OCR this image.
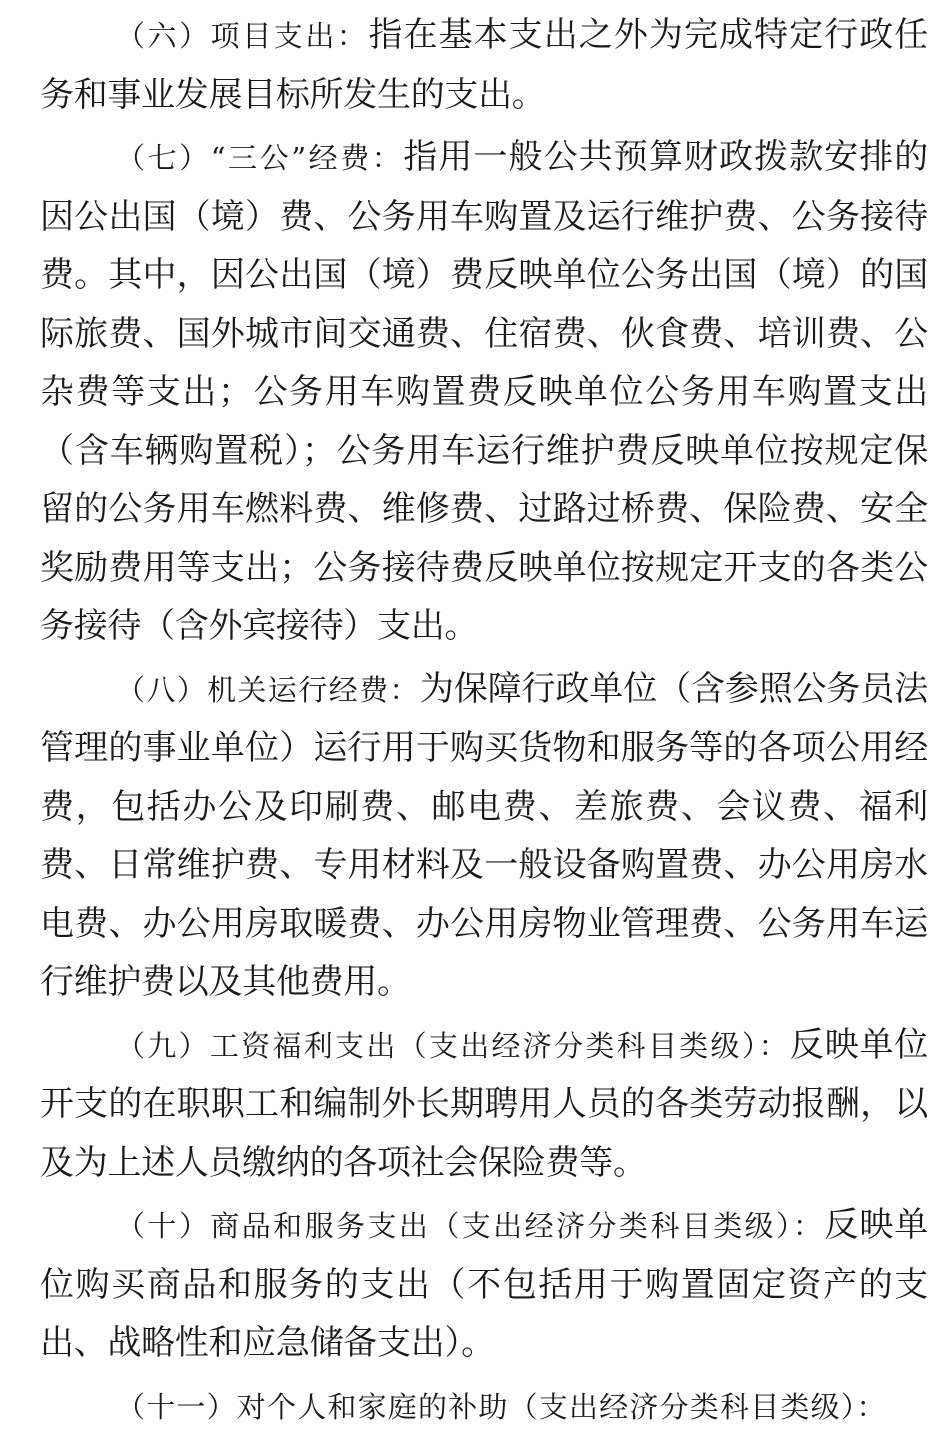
（六）项目支出：指在基本支出之外为完成特定行政任务和事业发展目标所发生的支出。

（七）“三公”经费：指用一般公共预算财政拨款安排的因公出国（境）费、公务用车购置及运行维护费、公务接待费。其中，因公出国（境）费反映单位公务出国（境）的国际旅费、国外城市间交通费、住宿费、伙食费、培训费、公杂费等支出；公务用车购置费反映单位公务用车购置支出（含车辆购置税）；公务用车运行维护费反映单位按规定保留的公务用车燃料费、维修费、过路过桥费、保险费、安全奖励费用等支出；公务接待费反映单位按规定开支的各类公务接待（含外宾接待）支出。

（八）机关运行经费：为保障行政单位（含参照公务员法管理的事业单位）运行用于购买货物和服务等的各项公用经费，包括办公及印刷费、邮电费、差旅费、会议费、福利费、日常维护费、专用材料及一般设备购置费、办公用房水电费、办公用房取暖费、办公用房物业管理费、公务用车运行维护费以及其他费用。

（九）工资福利支出（支出经济分类科目类级）：反映单位开支的在职职工和编制外长期聘用人员的各类劳动报酬，以及为上述人员缴纳的各项社会保险费等。

（十）商品和服务支出（支出经济分类科目类级）：反映单位购买商品和服务的支出（不包括用于购置固定资产的支出、战略性和应急储备支出）。

（十一）对个人和家庭的补助（支出经济分类科目类级）：
